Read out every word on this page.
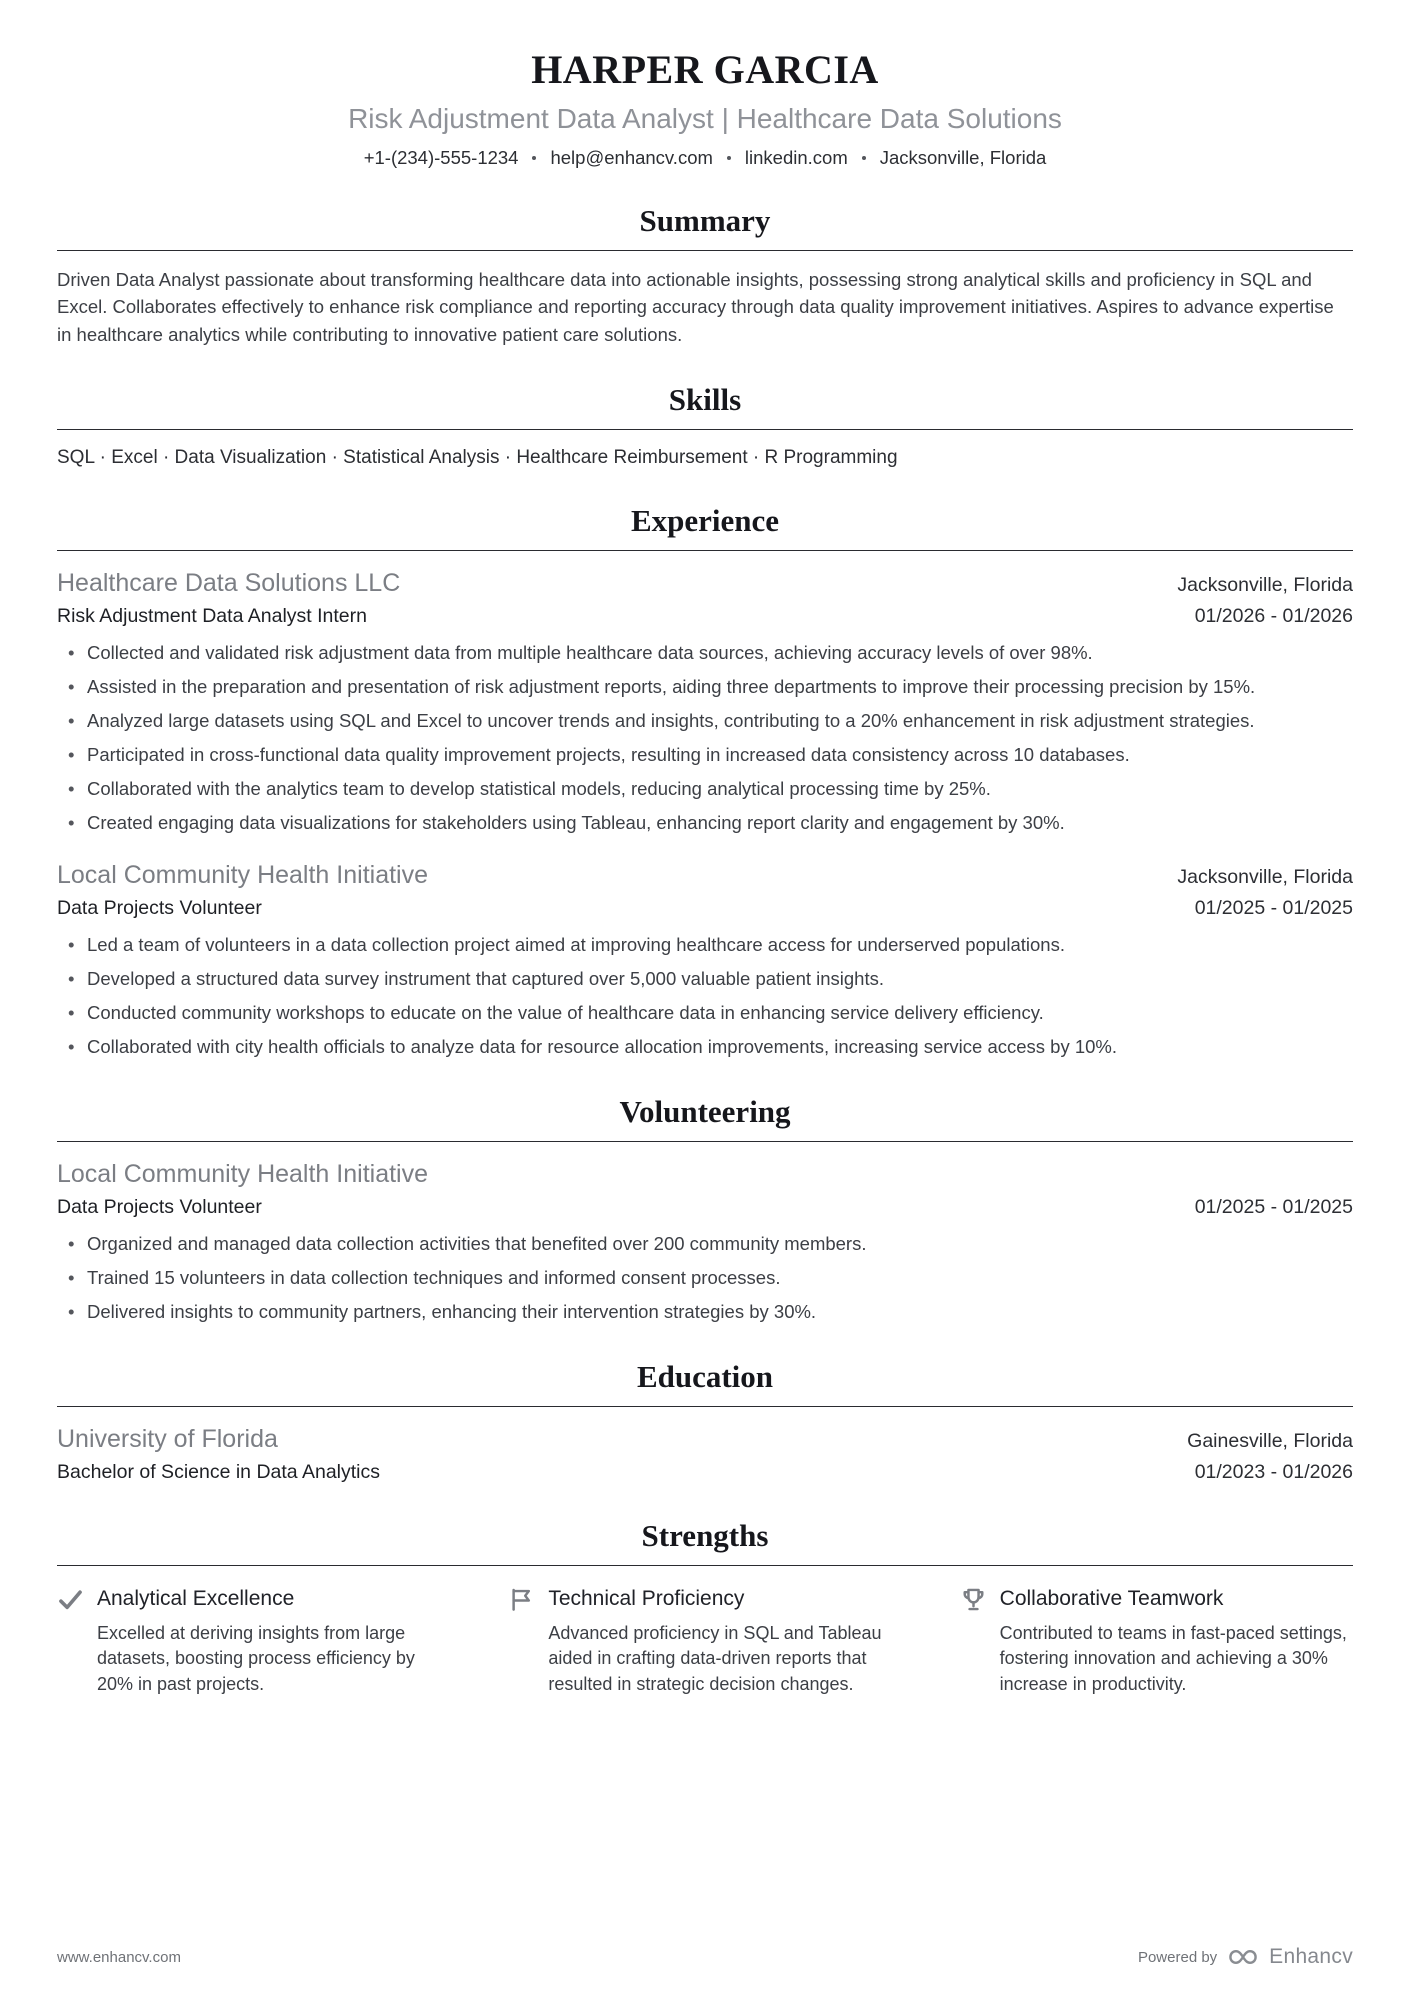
HARPER GARCIA
Risk Adjustment Data Analyst | Healthcare Data Solutions
+1-(234)-555-1234 help@enhancv.com linkedin.com Jacksonville, Florida
Summary

Driven Data Analyst passionate about transforming healthcare data into actionable insights, possessing strong analytical skills and proficiency in SQL and Excel. Collaborates effectively to enhance risk compliance and reporting accuracy through data quality improvement initiatives. Aspires to advance expertise in healthcare analytics while contributing to innovative patient care solutions.

Skills

SQL · Excel · Data Visualization · Statistical Analysis · Healthcare Reimbursement · R Programming

Experience
Healthcare Data Solutions LLC	Jacksonville, Florida
Risk Adjustment Data Analyst Intern	01/2026 - 01/2026
• Collected and validated risk adjustment data from multiple healthcare data sources, achieving accuracy levels of over 98%.
• Assisted in the preparation and presentation of risk adjustment reports, aiding three departments to improve their processing precision by 15%.
• Analyzed large datasets using SQL and Excel to uncover trends and insights, contributing to a 20% enhancement in risk adjustment strategies.
• Participated in cross-functional data quality improvement projects, resulting in increased data consistency across 10 databases.
• Collaborated with the analytics team to develop statistical models, reducing analytical processing time by 25%.
• Created engaging data visualizations for stakeholders using Tableau, enhancing report clarity and engagement by 30%.
Local Community Health Initiative	Jacksonville, Florida
Data Projects Volunteer	01/2025 - 01/2025
• Led a team of volunteers in a data collection project aimed at improving healthcare access for underserved populations.
• Developed a structured data survey instrument that captured over 5,000 valuable patient insights.
• Conducted community workshops to educate on the value of healthcare data in enhancing service delivery efficiency.
• Collaborated with city health officials to analyze data for resource allocation improvements, increasing service access by 10%.
Volunteering
Local Community Health Initiative
Data Projects Volunteer	01/2025 - 01/2025
• Organized and managed data collection activities that benefited over 200 community members.
• Trained 15 volunteers in data collection techniques and informed consent processes.
• Delivered insights to community partners, enhancing their intervention strategies by 30%.
Education
University of Florida	Gainesville, Florida
Bachelor of Science in Data Analytics	01/2023 - 01/2026
Strengths
Analytical Excellence
Excelled at deriving insights from large datasets, boosting process efficiency by 20% in past projects.
Technical Proficiency
Advanced proficiency in SQL and Tableau aided in crafting data-driven reports that resulted in strategic decision changes.
Collaborative Teamwork
Contributed to teams in fast-paced settings, fostering innovation and achieving a 30% increase in productivity.
www.enhancv.com	Powered by Enhancv
